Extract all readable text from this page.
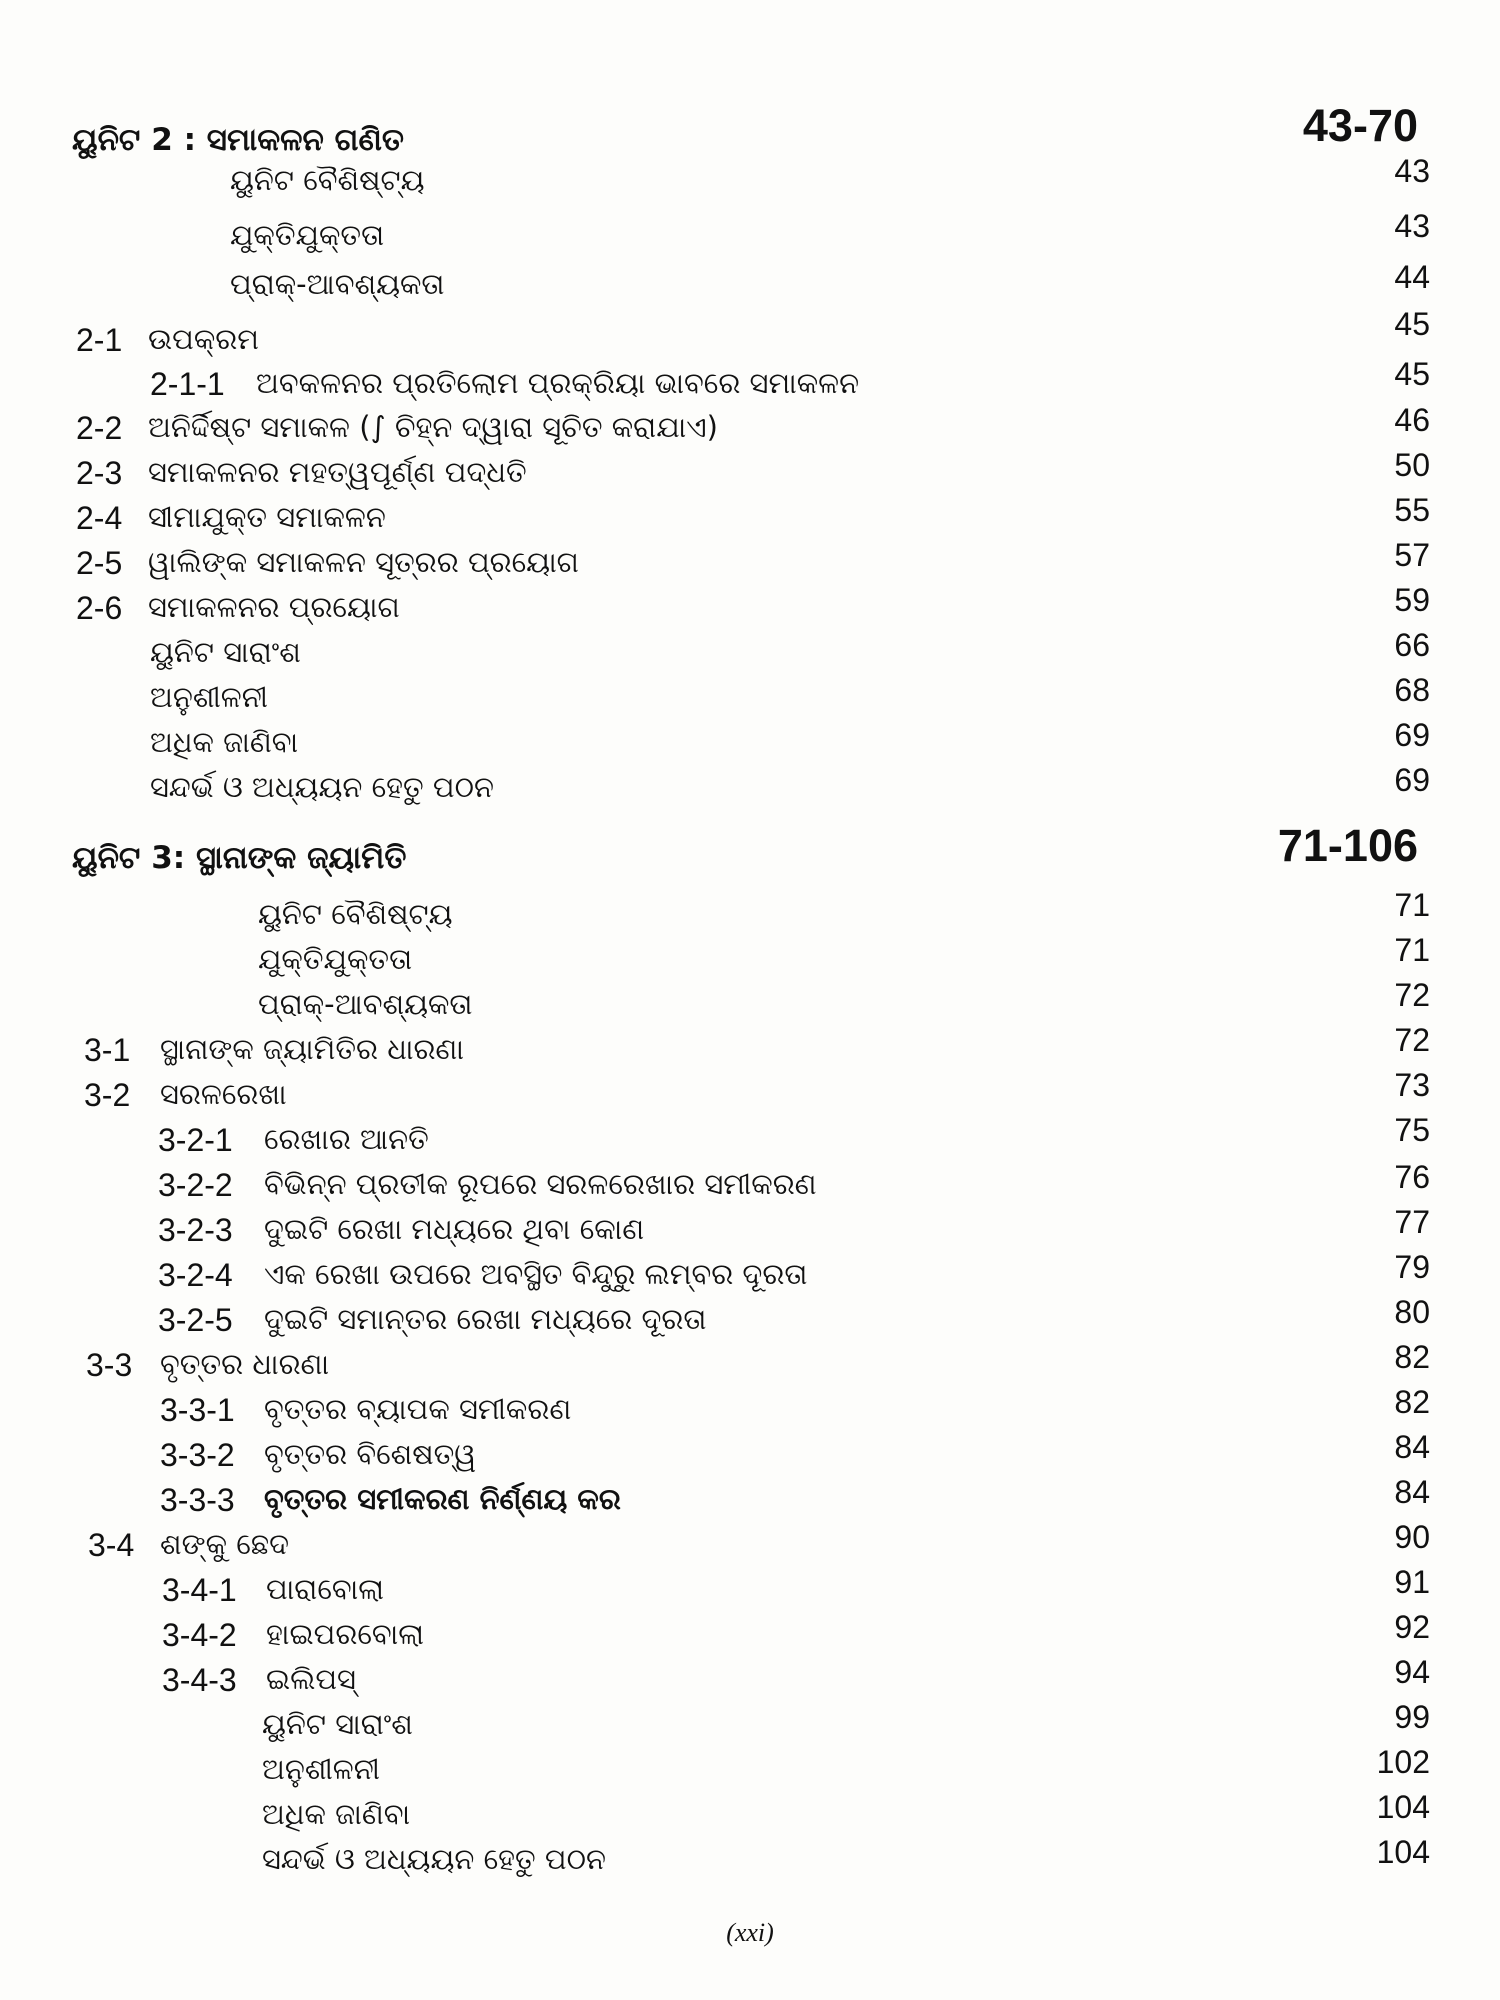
ୟୁନିଟ 2 : ସମାକଳନ ଗଣିତ	43-70
ୟୁନିଟ ବୈଶିଷ୍ଟ୍ୟ	43
ଯୁକ୍ତିଯୁକ୍ତତା	43
ପ୍ରାକ୍-ଆବଶ୍ୟକତା	44
2-1 ଉପକ୍ରମ	45
2-1-1 ଅବକଳନର ପ୍ରତିଲୋମ ପ୍ରକ୍ରିୟା ଭାବରେ ସମାକଳନ	45
2-2 ଅନିର୍ଦ୍ଦିଷ୍ଟ ସମାକଳ (∫ ଚିହ୍ନ ଦ୍ୱାରା ସୂଚିତ କରାଯାଏ)	46
2-3 ସମାକଳନର ମହତ୍ୱପୂର୍ଣ୍ଣ ପଦ୍ଧତି	50
2-4 ସୀମାଯୁକ୍ତ ସମାକଳନ	55
2-5 ୱାଲିଙ୍କ ସମାକଳନ ସୂତ୍ରର ପ୍ରୟୋଗ	57
2-6 ସମାକଳନର ପ୍ରୟୋଗ	59
ୟୁନିଟ ସାରାଂଶ	66
ଅନୁଶୀଳନୀ	68
ଅଧିକ ଜାଣିବା	69
ସନ୍ଦର୍ଭ ଓ ଅଧ୍ୟୟନ ହେତୁ ପଠନ	69
ୟୁନିଟ 3: ସ୍ଥାନାଙ୍କ ଜ୍ୟାମିତି	71-106
ୟୁନିଟ ବୈଶିଷ୍ଟ୍ୟ	71
ଯୁକ୍ତିଯୁକ୍ତତା	71
ପ୍ରାକ୍-ଆବଶ୍ୟକତା	72
3-1 ସ୍ଥାନାଙ୍କ ଜ୍ୟାମିତିର ଧାରଣା	72
3-2 ସରଳରେଖା	73
3-2-1 ରେଖାର ଆନତି	75
3-2-2 ବିଭିନ୍ନ ପ୍ରତୀକ ରୂପରେ ସରଳରେଖାର ସମୀକରଣ	76
3-2-3 ଦୁଇଟି ରେଖା ମଧ୍ୟରେ ଥିବା କୋଣ	77
3-2-4 ଏକ ରେଖା ଉପରେ ଅବସ୍ଥିତ ବିନ୍ଦୁରୁ ଲମ୍ବର ଦୂରତା	79
3-2-5 ଦୁଇଟି ସମାନ୍ତର ରେଖା ମଧ୍ୟରେ ଦୂରତା	80
3-3 ବୃତ୍ତର ଧାରଣା	82
3-3-1 ବୃତ୍ତର ବ୍ୟାପକ ସମୀକରଣ	82
3-3-2 ବୃତ୍ତର ବିଶେଷତ୍ୱ	84
3-3-3 ବୃତ୍ତର ସମୀକରଣ ନିର୍ଣ୍ଣୟ କର	84
3-4 ଶଙ୍କୁ ଛେଦ	90
3-4-1 ପାରାବୋଲା	91
3-4-2 ହାଇପରବୋଲା	92
3-4-3 ଇଲିପସ୍	94
ୟୁନିଟ ସାରାଂଶ	99
ଅନୁଶୀଳନୀ	102
ଅଧିକ ଜାଣିବା	104
ସନ୍ଦର୍ଭ ଓ ଅଧ୍ୟୟନ ହେତୁ ପଠନ	104
(xxi)
